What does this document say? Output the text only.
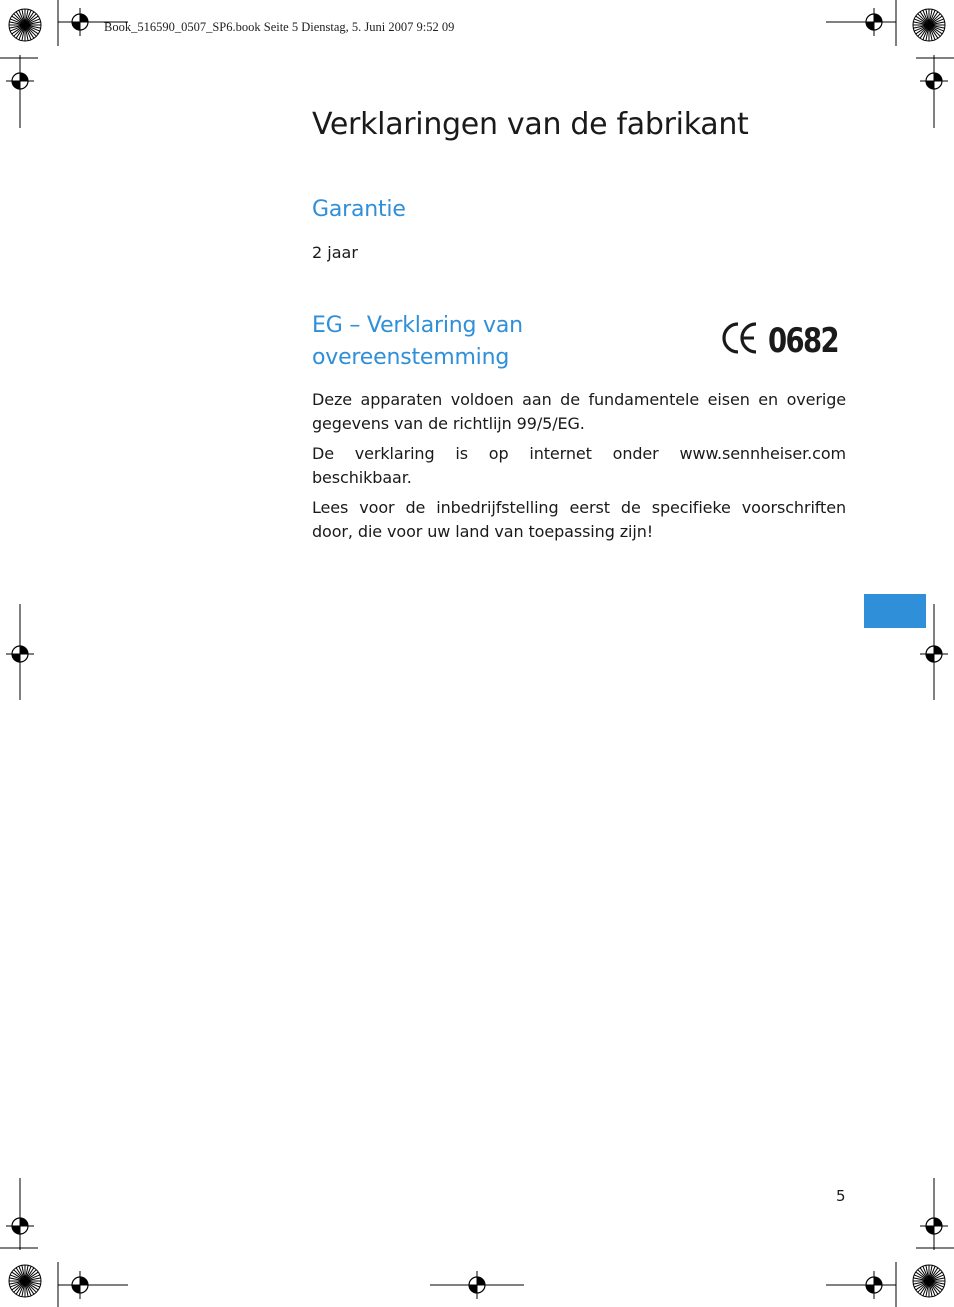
Book_516590_0507_SP6.book Seite 5 Dienstag, 5. Juni 2007 9:52 09
Verklaringen van de fabrikant
Garantie

2 jaar

EG – Verklaring van
overeenstemming	0682

Deze apparaten voldoen aan de fundamentele eisen en overige gegevens van de richtlijn 99/5/EG.

De verklaring is op internet onder www.sennheiser.com beschikbaar.

Lees voor de inbedrijfstelling eerst de specifieke voorschriften door, die voor uw land van toepassing zijn!

5
